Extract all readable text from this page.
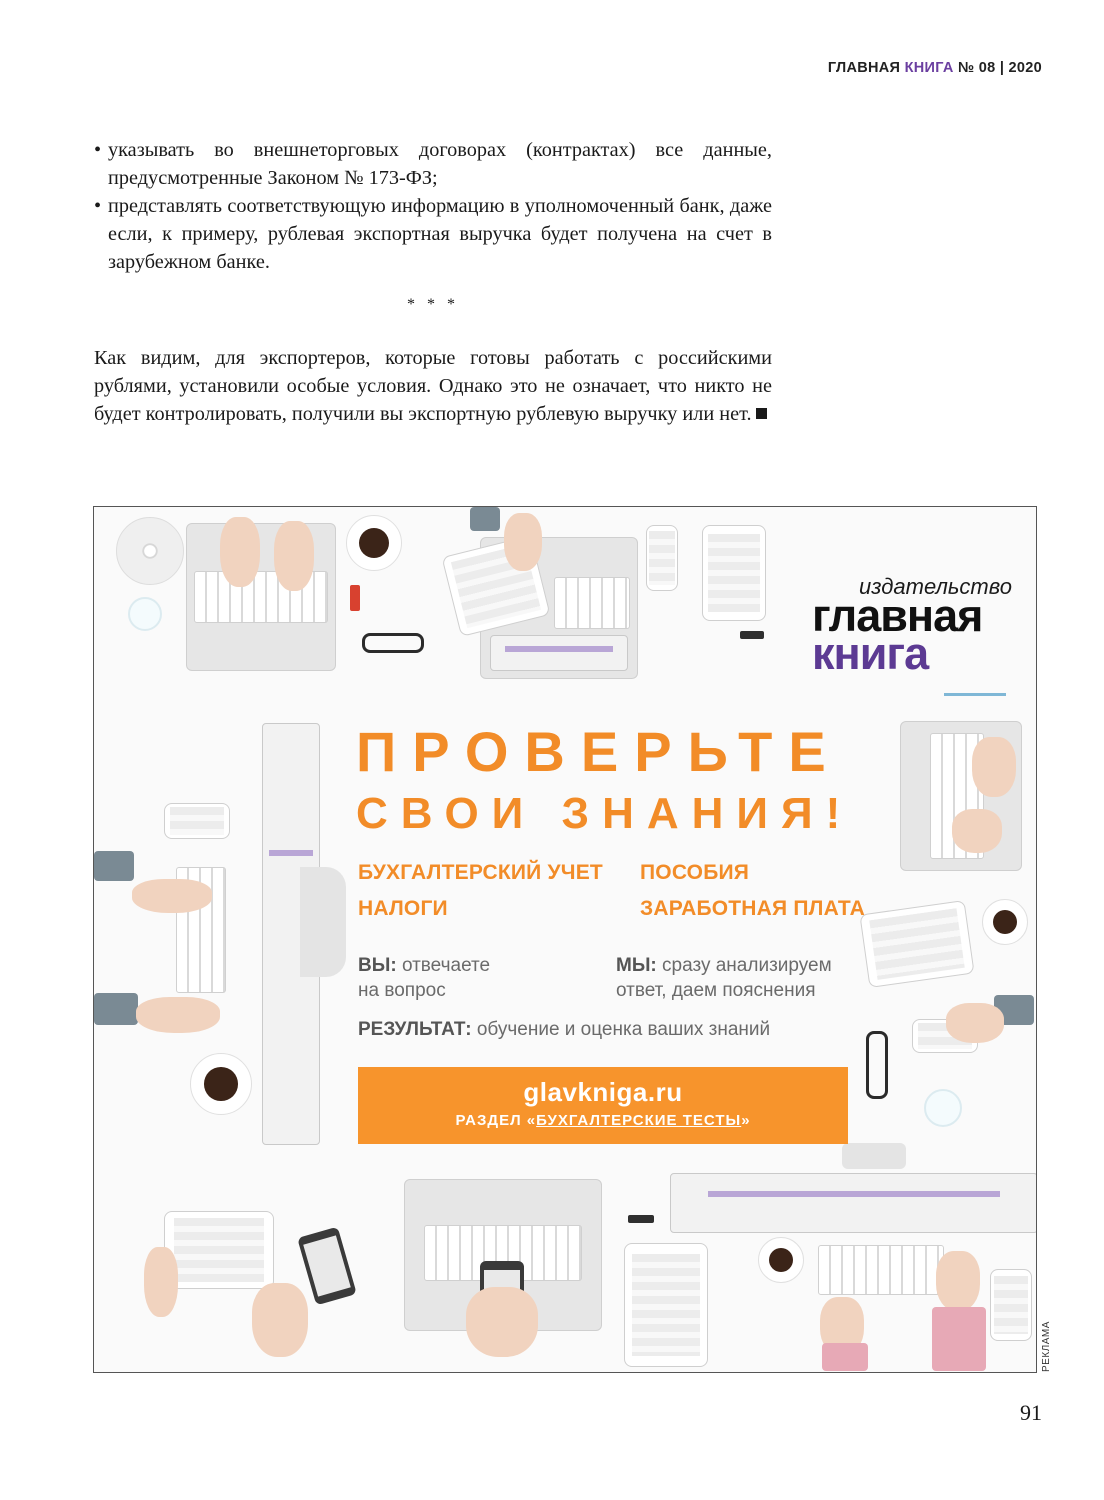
ГЛАВНАЯ КНИГА № 08 | 2020
• указывать во внешнеторговых договорах (контрактах) все данные, предусмотренные Законом № 173-ФЗ;
• представлять соответствующую информацию в уполномоченный банк, даже если, к примеру, рублевая экспортная выручка будет получена на счет в зарубежном банке.
* * *

Как видим, для экспортеров, которые готовы работать с российскими рублями, установили особые условия. Однако это не означает, что никто не будет контролировать, получили вы экспортную рублевую выручку или нет.

издательство
главная
книга
ПРОВЕРЬТЕ
СВОИ ЗНАНИЯ!
БУХГАЛТЕРСКИЙ УЧЕТ ПОСОБИЯ
НАЛОГИ	ЗАРАБОТНАЯ ПЛАТА
ВЫ: отвечаете
на вопрос
МЫ: сразу анализируем
ответ, даем пояснения
РЕЗУЛЬТАТ: обучение и оценка ваших знаний
glavkniga.ru
РАЗДЕЛ «БУХГАЛТЕРСКИЕ ТЕСТЫ»
РЕКЛАМА
91
